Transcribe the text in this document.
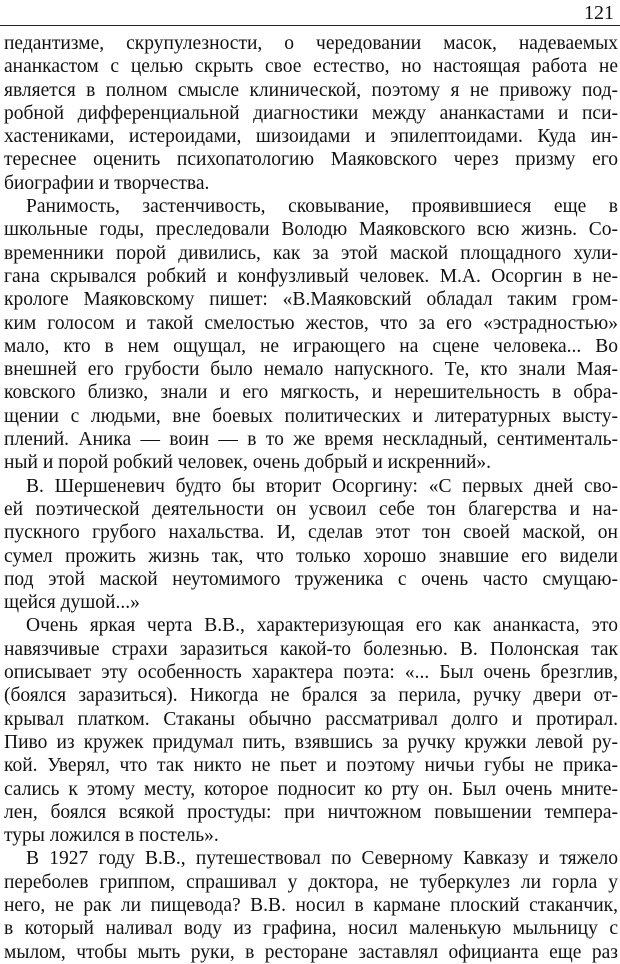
121
педантизме, скрупулезности, о чередовании масок, надеваемых
ананкастом с целью скрыть свое естество, но настоящая работа не
является в полном смысле клинической, поэтому я не привожу под-
робной дифференциальной диагностики между ананкастами и пси-
хастениками, истероидами, шизоидами и эпилептоидами. Куда ин-
тереснее оценить психопатологию Маяковского через призму его
биографии и творчества.
Ранимость, застенчивость, сковывание, проявившиеся еще в
школьные годы, преследовали Володю Маяковского всю жизнь. Со-
временники порой дивились, как за этой маской площадного хули-
гана скрывался робкий и конфузливый человек. М.А. Осоргин в не-
крологе Маяковскому пишет: «В.Маяковский обладал таким гром-
ким голосом и такой смелостью жестов, что за его «эстрадностью»
мало, кто в нем ощущал, не играющего на сцене человека... Во
внешней его грубости было немало напускного. Те, кто знали Мая-
ковского близко, знали и его мягкость, и нерешительность в обра-
щении с людьми, вне боевых политических и литературных высту-
плений. Аника — воин — в то же время нескладный, сентименталь-
ный и порой робкий человек, очень добрый и искренний».
В. Шершеневич будто бы вторит Осоргину: «С первых дней сво-
ей поэтической деятельности он усвоил себе тон благерства и на-
пускного грубого нахальства. И, сделав этот тон своей маской, он
сумел прожить жизнь так, что только хорошо знавшие его видели
под этой маской неутомимого труженика с очень часто смущаю-
щейся душой...»
Очень яркая черта В.В., характеризующая его как ананкаста, это
навязчивые страхи заразиться какой-то болезнью. В. Полонская так
описывает эту особенность характера поэта: «... Был очень брезглив,
(боялся заразиться). Никогда не брался за перила, ручку двери от-
крывал платком. Стаканы обычно рассматривал долго и протирал.
Пиво из кружек придумал пить, взявшись за ручку кружки левой ру-
кой. Уверял, что так никто не пьет и поэтому ничьи губы не прика-
сались к этому месту, которое подносит ко рту он. Был очень мните-
лен, боялся всякой простуды: при ничтожном повышении темпера-
туры ложился в постель».
В 1927 году В.В., путешествовал по Северному Кавказу и тяжело
переболев гриппом, спрашивал у доктора, не туберкулез ли горла у
него, не рак ли пищевода? В.В. носил в кармане плоский стаканчик,
в который наливал воду из графина, носил маленькую мыльницу с
мылом, чтобы мыть руки, в ресторане заставлял официанта еще раз
